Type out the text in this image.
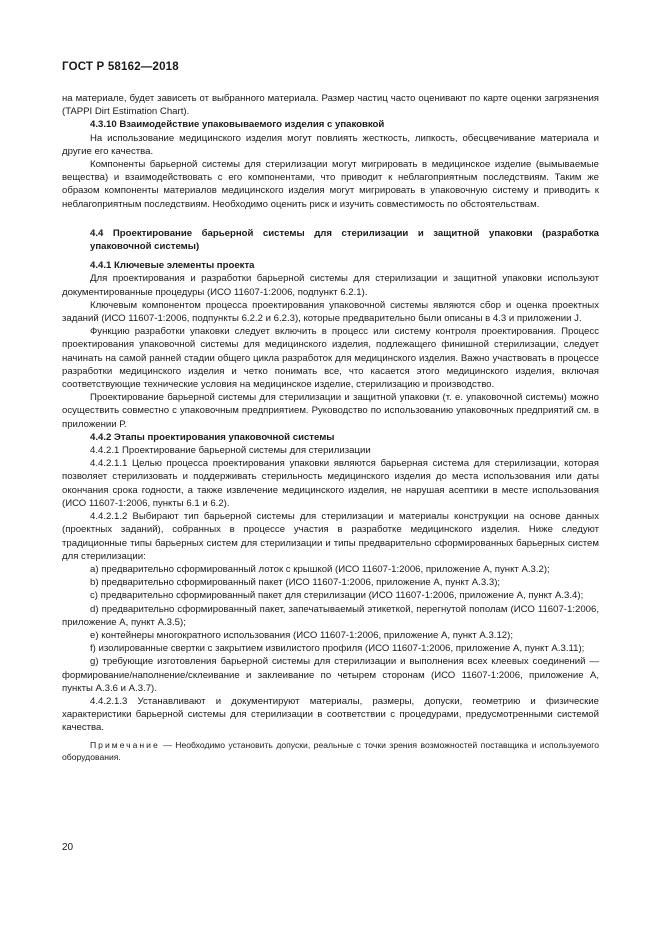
ГОСТ Р 58162—2018

на материале, будет зависеть от выбранного материала. Размер частиц часто оценивают по карте оценки загрязнения (TAPPI Dirt Estimation Chart).

4.3.10 Взаимодействие упаковываемого изделия с упаковкой

На использование медицинского изделия могут повлиять жесткость, липкость, обесцвечивание материала и другие его качества.

Компоненты барьерной системы для стерилизации могут мигрировать в медицинское изделие (вымываемые вещества) и взаимодействовать с его компонентами, что приводит к неблагоприятным последствиям. Таким же образом компоненты материалов медицинского изделия могут мигрировать в упаковочную систему и приводить к неблагоприятным последствиям. Необходимо оценить риск и изучить совместимость по обстоятельствам.

4.4 Проектирование барьерной системы для стерилизации и защитной упаковки (разработка упаковочной системы)

4.4.1 Ключевые элементы проекта

Для проектирования и разработки барьерной системы для стерилизации и защитной упаковки используют документированные процедуры (ИСО 11607-1:2006, подпункт 6.2.1).

Ключевым компонентом процесса проектирования упаковочной системы являются сбор и оценка проектных заданий (ИСО 11607-1:2006, подпункты 6.2.2 и 6.2.3), которые предварительно были описаны в 4.3 и приложении J.

Функцию разработки упаковки следует включить в процесс или систему контроля проектирования. Процесс проектирования упаковочной системы для медицинского изделия, подлежащего финишной стерилизации, следует начинать на самой ранней стадии общего цикла разработок для медицинского изделия. Важно участвовать в процессе разработки медицинского изделия и четко понимать все, что касается этого медицинского изделия, включая соответствующие технические условия на медицинское изделие, стерилизацию и производство.

Проектирование барьерной системы для стерилизации и защитной упаковки (т. е. упаковочной системы) можно осуществить совместно с упаковочным предприятием. Руководство по использованию упаковочных предприятий см. в приложении Р.

4.4.2 Этапы проектирования упаковочной системы

4.4.2.1 Проектирование барьерной системы для стерилизации

4.4.2.1.1 Целью процесса проектирования упаковки являются барьерная система для стерилизации, которая позволяет стерилизовать и поддерживать стерильность медицинского изделия до места использования или даты окончания срока годности, а также извлечение медицинского изделия, не нарушая асептики в месте использования (ИСО 11607-1:2006, пункты 6.1 и 6.2).

4.4.2.1.2 Выбирают тип барьерной системы для стерилизации и материалы конструкции на основе данных (проектных заданий), собранных в процессе участия в разработке медицинского изделия. Ниже следуют традиционные типы барьерных систем для стерилизации и типы предварительно сформированных барьерных систем для стерилизации:

a) предварительно сформированный лоток с крышкой (ИСО 11607-1:2006, приложение А, пункт А.3.2);

b) предварительно сформированный пакет (ИСО 11607-1:2006, приложение А, пункт А.3.3);

c) предварительно сформированный пакет для стерилизации (ИСО 11607-1:2006, приложение А, пункт А.3.4);

d) предварительно сформированный пакет, запечатываемый этикеткой, перегнутой пополам (ИСО 11607-1:2006, приложение А, пункт А.3.5);

e) контейнеры многократного использования (ИСО 11607-1:2006, приложение А, пункт А.3.12);

f) изолированные свертки с закрытием извилистого профиля (ИСО 11607-1:2006, приложение А, пункт А.3.11);

g) требующие изготовления барьерной системы для стерилизации и выполнения всех клеевых соединений — формирование/наполнение/склеивание и заклеивание по четырем сторонам (ИСО 11607-1:2006, приложение А, пункты А.3.6 и А.3.7).

4.4.2.1.3 Устанавливают и документируют материалы, размеры, допуски, геометрию и физические характеристики барьерной системы для стерилизации в соответствии с процедурами, предусмотренными системой качества.

Примечание — Необходимо установить допуски, реальные с точки зрения возможностей поставщика и используемого оборудования.

20
